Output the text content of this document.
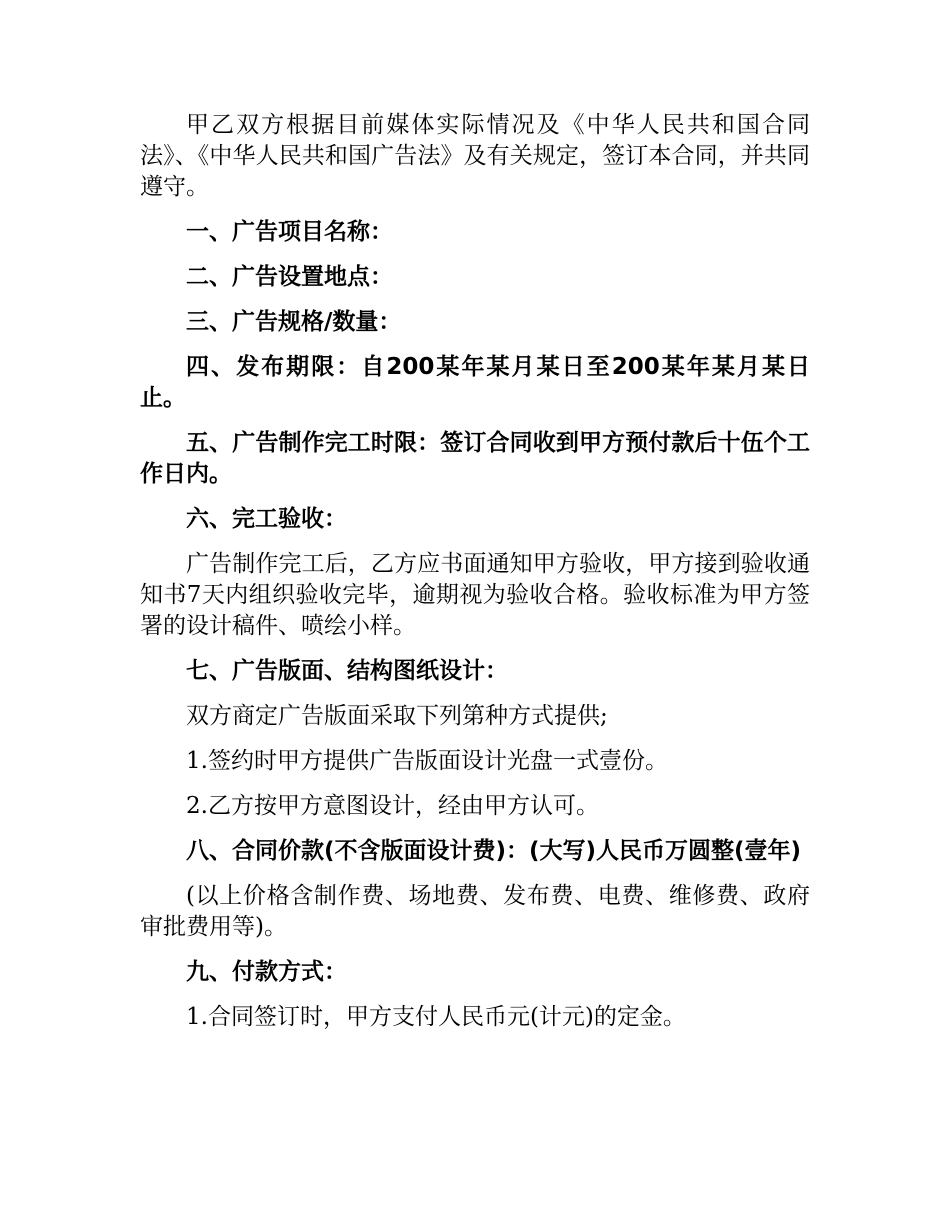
甲乙双方根据目前媒体实际情况及《中华人民共和国合同法》、《中华人民共和国广告法》及有关规定，签订本合同，并共同遵守。

一、广告项目名称：

二、广告设置地点：

三、广告规格/数量：

四、发布期限：自200某年某月某日至200某年某月某日止。

五、广告制作完工时限：签订合同收到甲方预付款后十伍个工作日内。

六、完工验收：

广告制作完工后，乙方应书面通知甲方验收，甲方接到验收通知书7天内组织验收完毕，逾期视为验收合格。验收标准为甲方签署的设计稿件、喷绘小样。

七、广告版面、结构图纸设计：

双方商定广告版面采取下列第种方式提供;

1.签约时甲方提供广告版面设计光盘一式壹份。

2.乙方按甲方意图设计，经由甲方认可。

八、合同价款(不含版面设计费)：(大写)人民币万圆整(壹年)

(以上价格含制作费、场地费、发布费、电费、维修费、政府审批费用等)。

九、付款方式：

1.合同签订时，甲方支付人民币元(计元)的定金。
